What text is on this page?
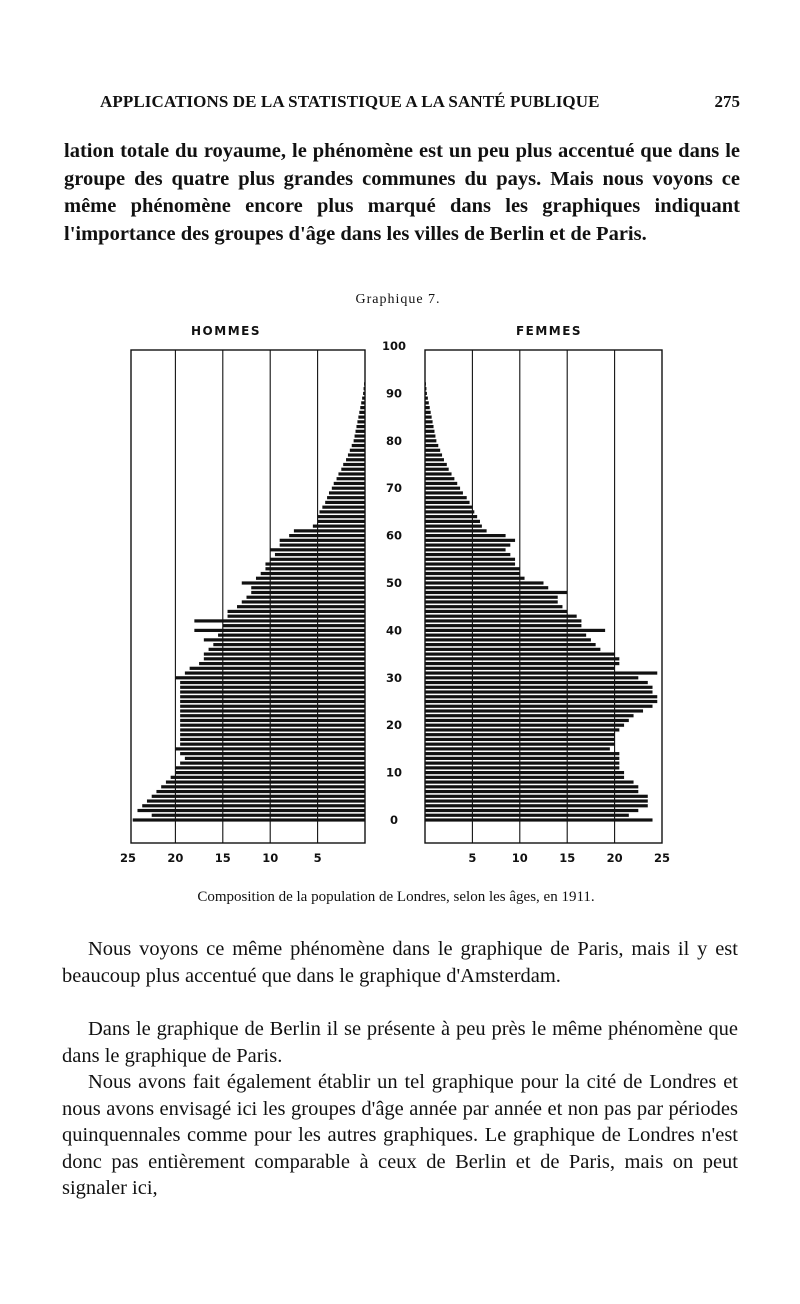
APPLICATIONS DE LA STATISTIQUE A LA SANTÉ PUBLIQUE	275
lation totale du royaume, le phénomène est un peu plus accentué que dans le groupe des quatre plus grandes communes du pays. Mais nous voyons ce même phénomène encore plus marqué dans les graphiques indiquant l'importance des groupes d'âge dans les villes de Berlin et de Paris.
Graphique 7.
HOMMES	FEMMES
0
10
20
30
40
50
60
70
80
90
100
25	20	15	10	5	5	10	15	20	25
Composition de la population de Londres, selon les âges, en 1911.
Nous voyons ce même phénomène dans le graphique de Paris, mais il y est beaucoup plus accentué que dans le graphique d'Amsterdam.
Dans le graphique de Berlin il se présente à peu près le même phénomène que dans le graphique de Paris.
Nous avons fait également établir un tel graphique pour la cité de Londres et nous avons envisagé ici les groupes d'âge année par année et non pas par périodes quinquennales comme pour les autres graphiques. Le graphique de Londres n'est donc pas entièrement comparable à ceux de Berlin et de Paris, mais on peut signaler ici,
